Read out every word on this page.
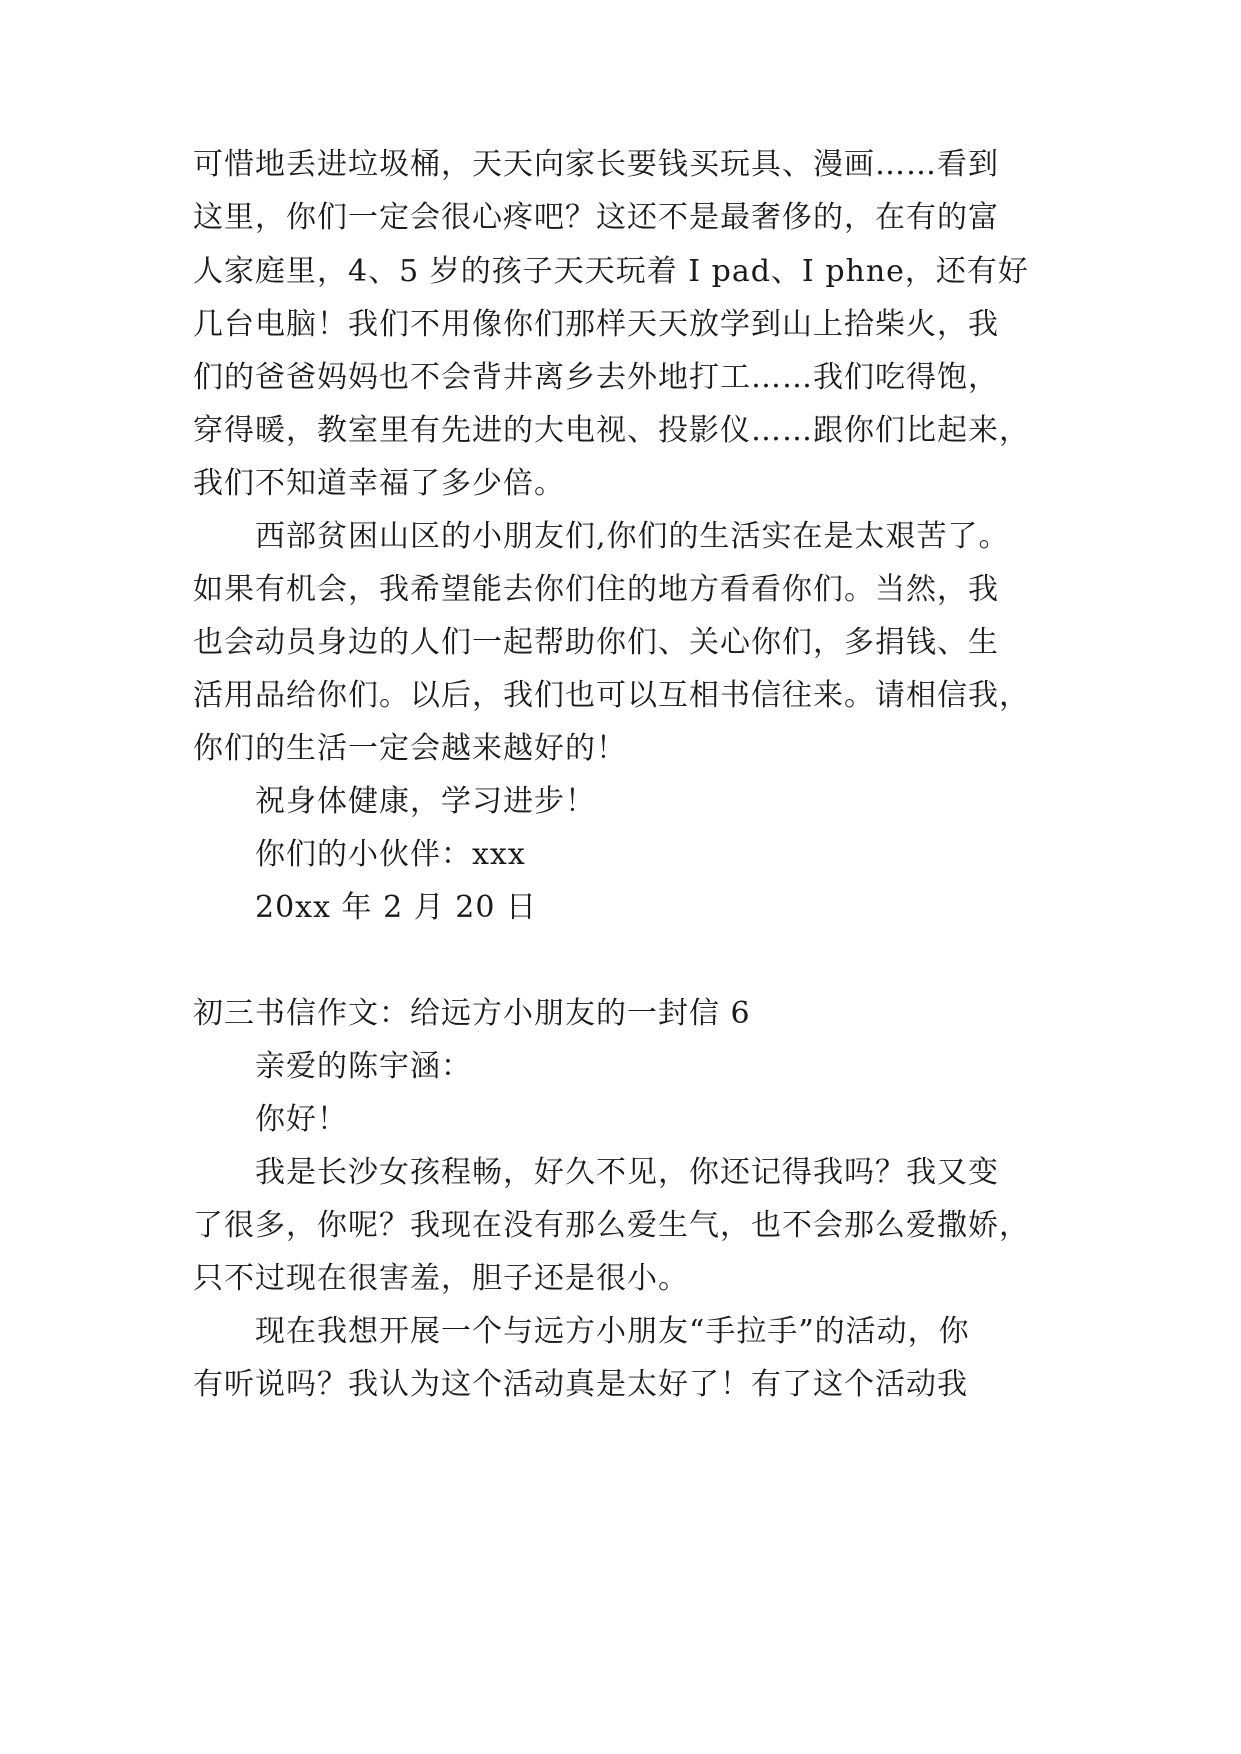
可惜地丢进垃圾桶，天天向家长要钱买玩具、漫画……看到
这里，你们一定会很心疼吧？这还不是最奢侈的，在有的富
人家庭里，4、5 岁的孩子天天玩着 I pad、I phne，还有好
几台电脑！我们不用像你们那样天天放学到山上拾柴火，我
们的爸爸妈妈也不会背井离乡去外地打工……我们吃得饱，
穿得暖，教室里有先进的大电视、投影仪……跟你们比起来，
我们不知道幸福了多少倍。
西部贫困山区的小朋友们,你们的生活实在是太艰苦了。
如果有机会，我希望能去你们住的地方看看你们。当然，我
也会动员身边的人们一起帮助你们、关心你们，多捐钱、生
活用品给你们。以后，我们也可以互相书信往来。请相信我，
你们的生活一定会越来越好的！
祝身体健康，学习进步！
你们的小伙伴：xxx
20xx 年 2 月 20 日
初三书信作文：给远方小朋友的一封信 6
亲爱的陈宇涵：
你好！
我是长沙女孩程畅，好久不见，你还记得我吗？我又变
了很多，你呢？我现在没有那么爱生气，也不会那么爱撒娇，
只不过现在很害羞，胆子还是很小。
现在我想开展一个与远方小朋友“手拉手”的活动，你
有听说吗？我认为这个活动真是太好了！有了这个活动我
